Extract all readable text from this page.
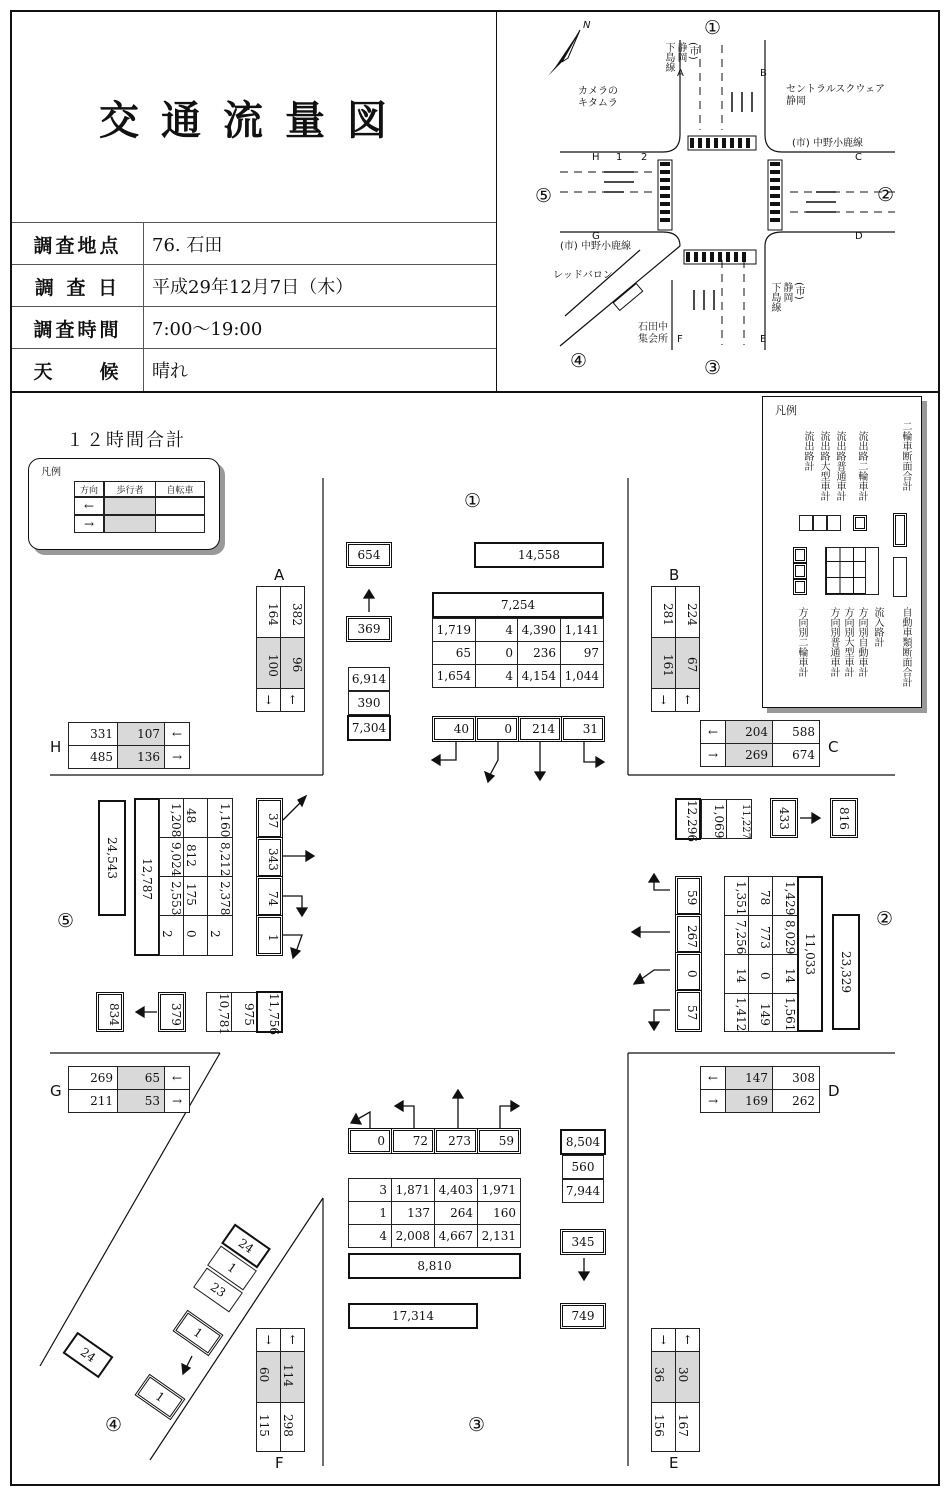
交通流量図
調査地点	76. 石田
調 査 日	平成29年12月7日（木）
調査時間	7:00〜19:00
天　　候	晴れ
①
②
③
④
⑤
N
カメラの
キタムラ
セントラルスクウェア
静岡
レッドバロン
石田中
集会所
(市)
静岡
下島線
(市)
静岡
下島線
(市) 中野小鹿線
(市) 中野小鹿線
A	B
C
D
E
F
G
H 1 2
１２時間合計
凡例
方向 歩行者	自転車
←
→
凡例
流出路計 流出路大型車計 流出路普通車計 流出路二輪車計	二輪車断面合計
流入路計
方向別自動車計
方向別大型車計
方向別普通車計
方向別二輪車計	自動車類断面合計
①
②
③
④
⑤
654	14,558
369
6,914
390
7,304
7,254
1,719	4 4,390 1,141
65	0	236	97
1,654	4 4,154 1,044
40	0	214	31
A
164 382
100 96
↓	↑
B
281 224
161 67
↓	↑
H
331	107 ←
485	136 →
C
←	204	588
→	269	674
24,543	12,787
1,208 48	1,160
9,024 812	8,212
2,553 175	2,378
2 0 2
37
343
74
1
834	379	10,781 975 11,756
12,296	1,069	11,227	433	816
59
267
0
57
1,351 78 1,429
7,256 773 8,029
14 0 14
1,412 149 1,561
11,033	23,329
G
269	65 ←
211	53 →
D
←	147	308
→	169	262
0	72	273	59	8,504
560
7,944
3 1,871 4,403 1,971
1	137	264	160
4 2,008 4,667 2,131
8,810
345
17,314	749
F
↓	↑
60 114
115 298
E
↓	↑
36 30
156 167
24
1
23
1
1
24
